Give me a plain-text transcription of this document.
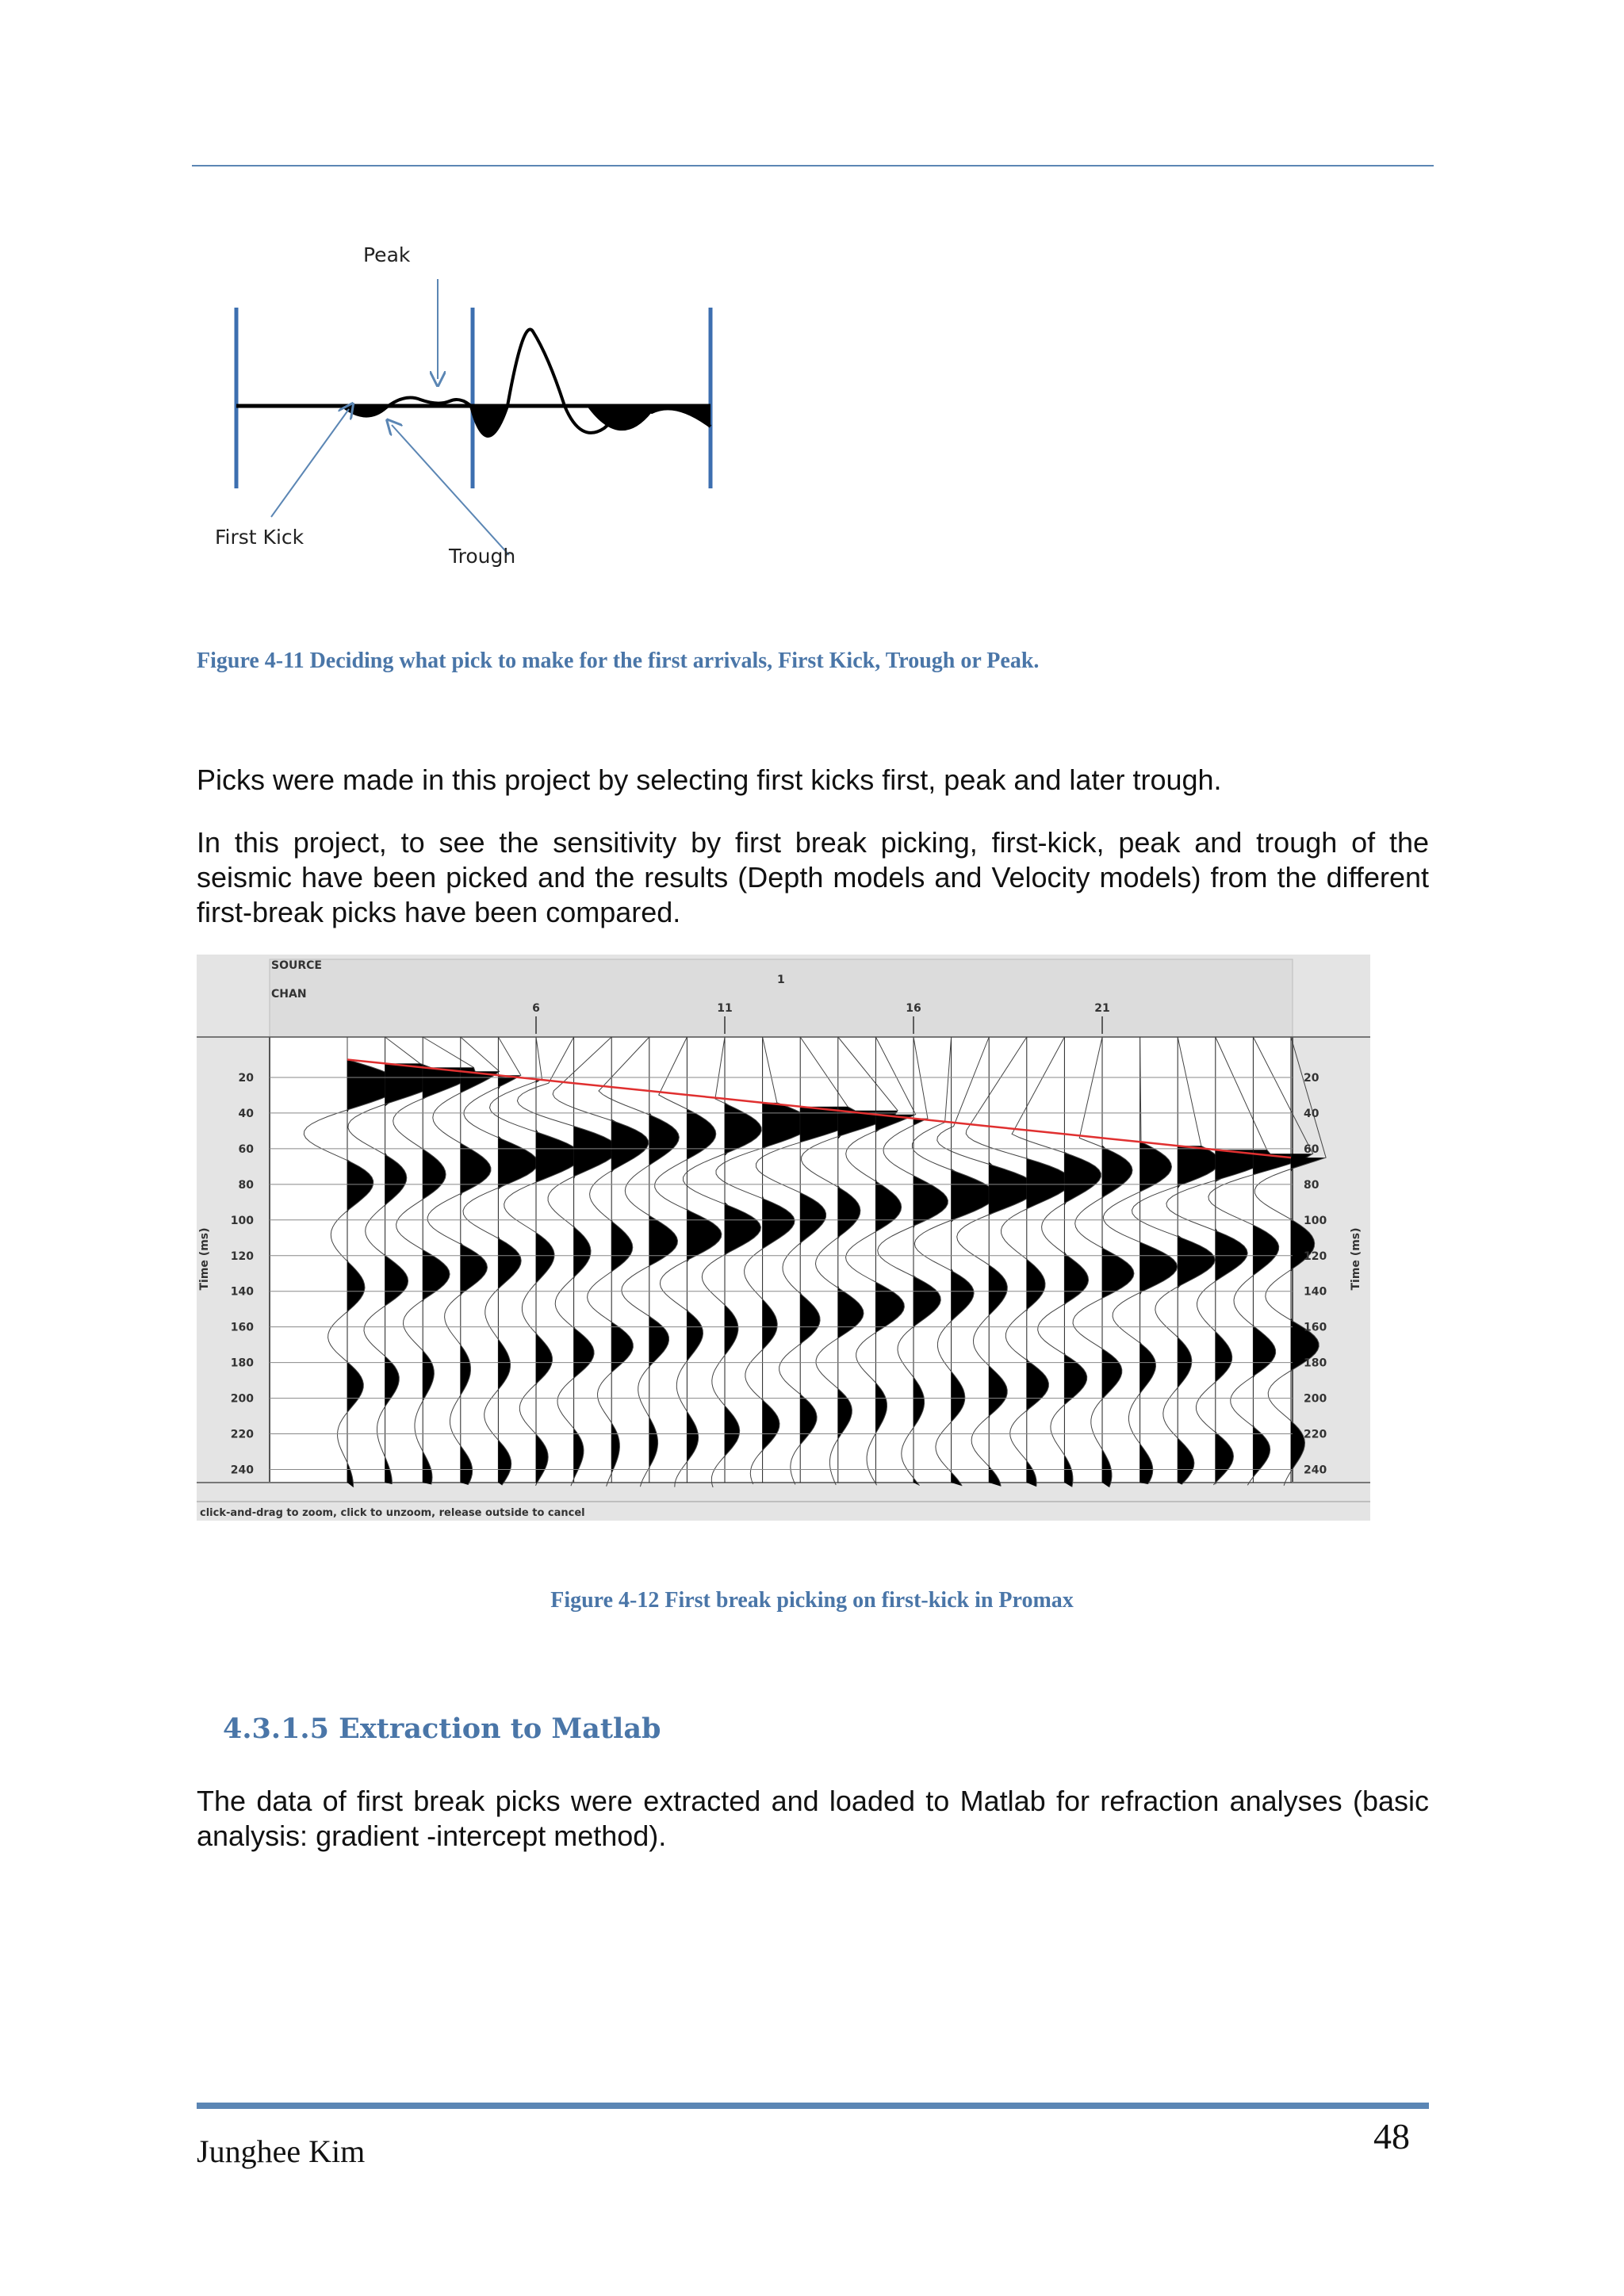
Peak
First Kick
Trough
Figure 4-11 Deciding what pick to make for the first arrivals, First Kick, Trough or Peak.
Picks were made in this project by selecting first kicks first, peak and later trough.
In this project, to see the sensitivity by first break picking, first-kick, peak and trough of the seismic have been picked and the results (Depth models and Velocity models) from the different first-break picks have been compared.
SOURCE
CHAN
1
6	11	16	21
20	20
40	40
60	60
80	80
100	100
120	120
140	140
160	160
180	180
200	200
220	220
240	240
Time (ms)	Time (ms)
click-and-drag to zoom, click to unzoom, release outside to cancel
Figure 4-12 First break picking on first-kick in Promax
4.3.1.5 Extraction to Matlab
The data of first break picks were extracted and loaded to Matlab for refraction analyses (basic analysis: gradient -intercept method).
Junghee Kim	48
